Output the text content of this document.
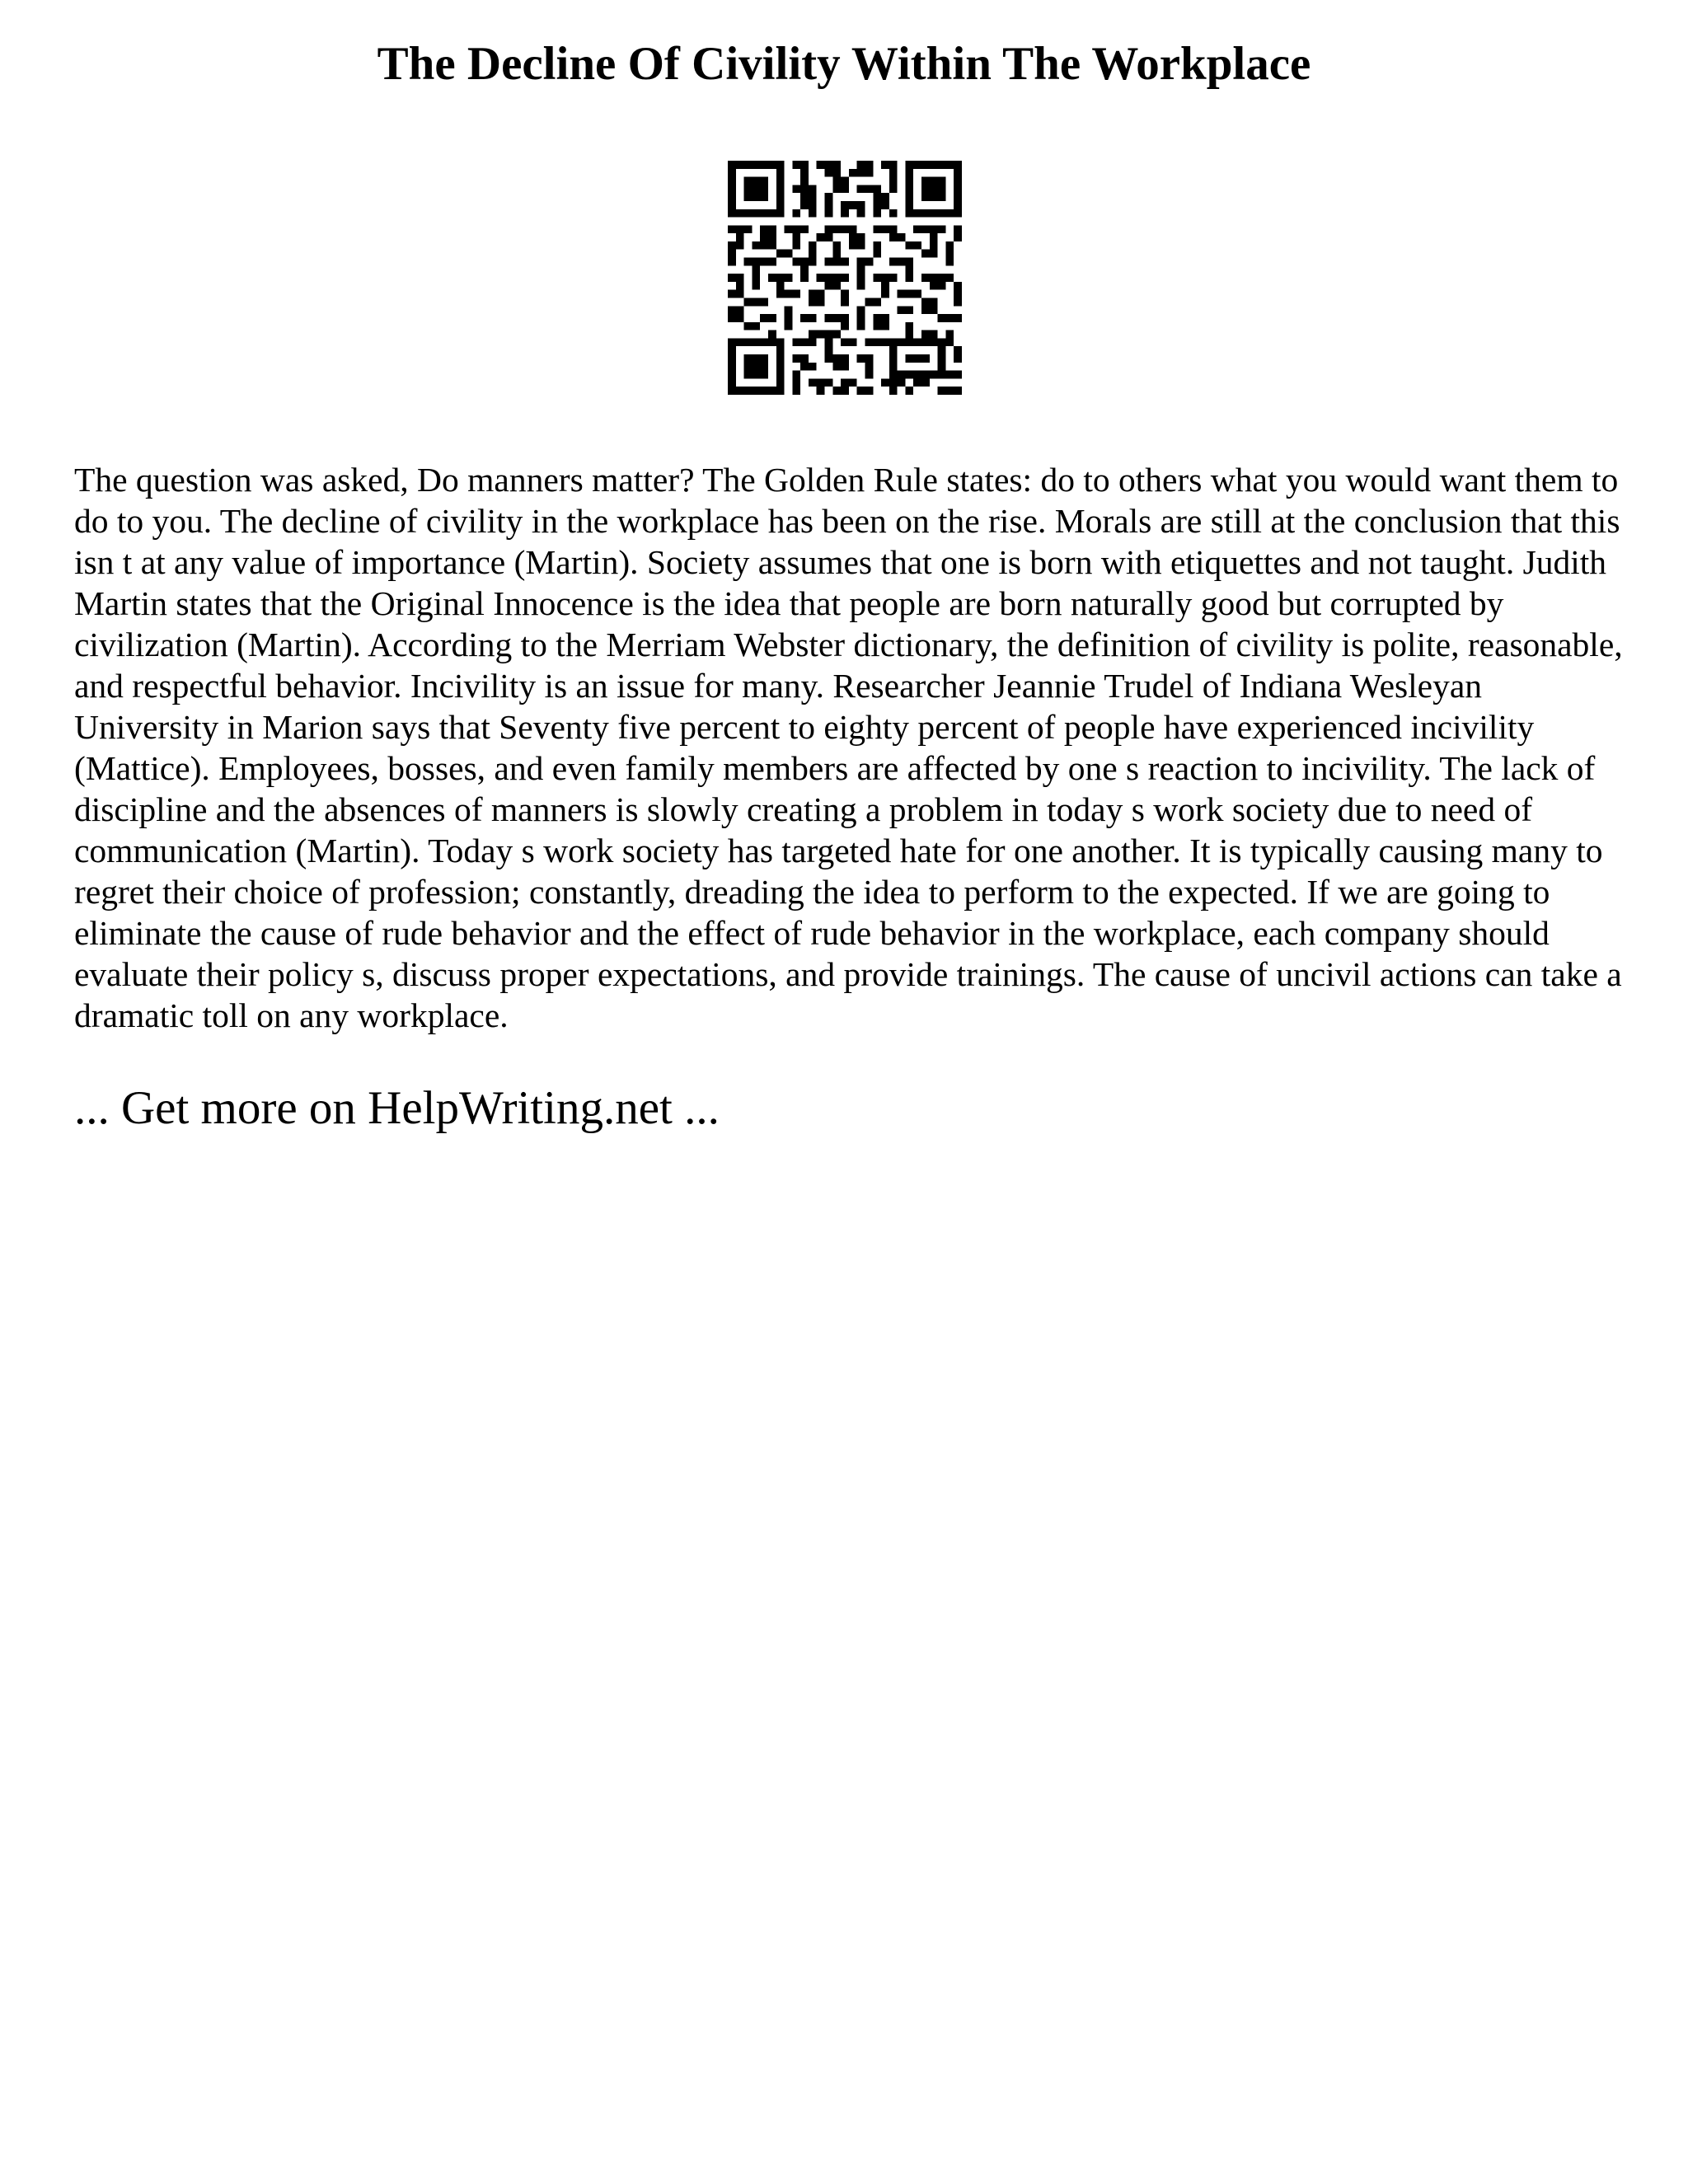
The Decline Of Civility Within The Workplace

The question was asked, Do manners matter? The Golden Rule states: do to others what you would want them to do to you. The decline of civility in the workplace has been on the rise. Morals are still at the conclusion that this isn t at any value of importance (Martin). Society assumes that one is born with etiquettes and not taught. Judith Martin states that the Original Innocence is the idea that people are born naturally good but corrupted by civilization (Martin). According to the Merriam Webster dictionary, the definition of civility is polite, reasonable, and respectful behavior. Incivility is an issue for many. Researcher Jeannie Trudel of Indiana Wesleyan University in Marion says that Seventy five percent to eighty percent of people have experienced incivility (Mattice). Employees, bosses, and even family members are affected by one s reaction to incivility. The lack of discipline and the absences of manners is slowly creating a problem in today s work society due to need of communication (Martin). Today s work society has targeted hate for one another. It is typically causing many to regret their choice of profession; constantly, dreading the idea to perform to the expected. If we are going to eliminate the cause of rude behavior and the effect of rude behavior in the workplace, each company should evaluate their policy s, discuss proper expectations, and provide trainings. The cause of uncivil actions can take a dramatic toll on any workplace.

... Get more on HelpWriting.net ...
